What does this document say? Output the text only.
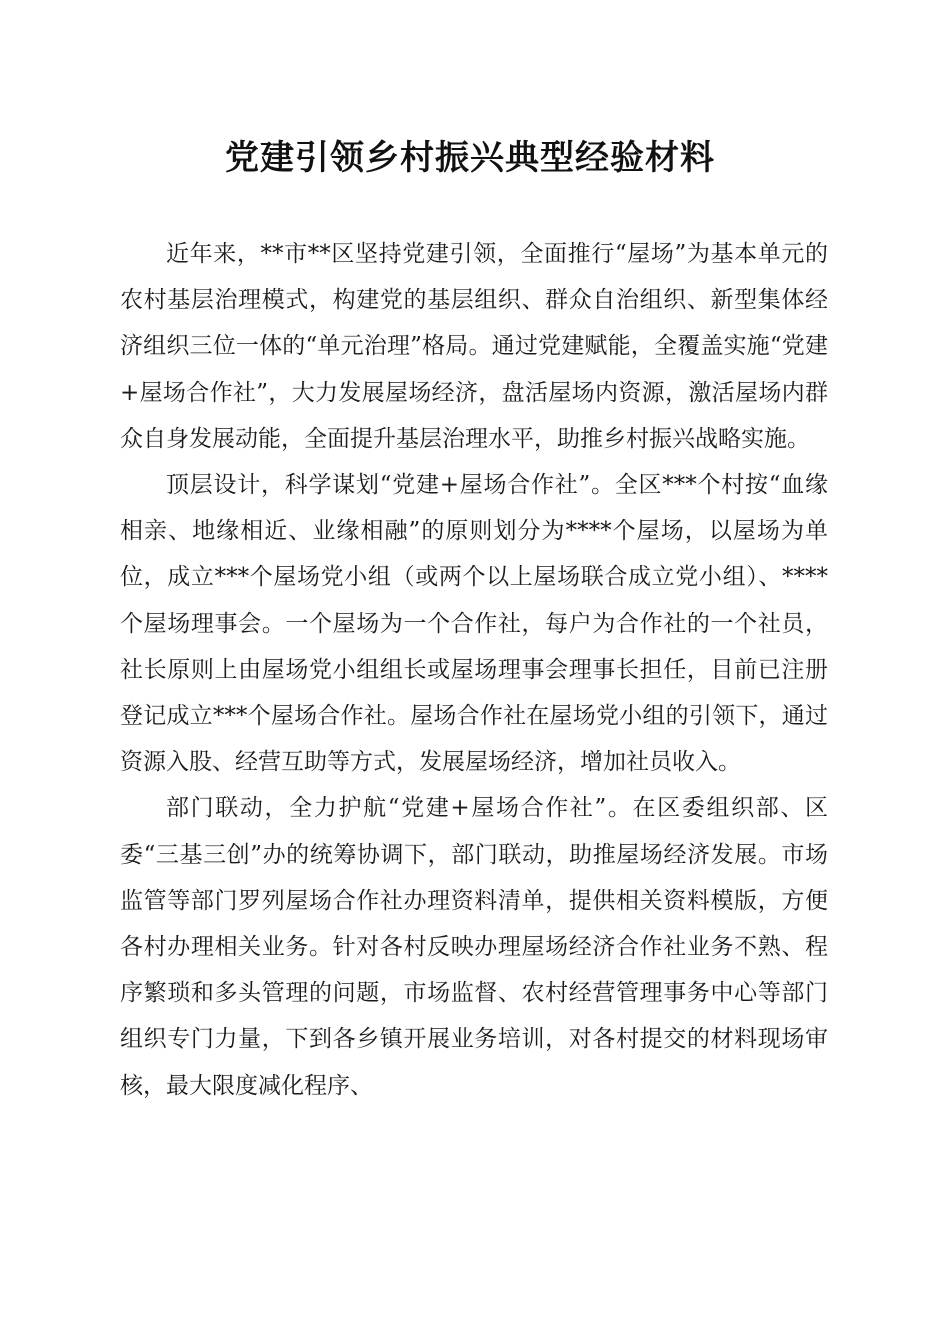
党建引领乡村振兴典型经验材料

近年来，**市**区坚持党建引领，全面推行“屋场”为基本单元的农村基层治理模式，构建党的基层组织、群众自治组织、新型集体经济组织三位一体的“单元治理”格局。通过党建赋能，全覆盖实施“党建+屋场合作社”，大力发展屋场经济，盘活屋场内资源，激活屋场内群众自身发展动能，全面提升基层治理水平，助推乡村振兴战略实施。

顶层设计，科学谋划“党建+屋场合作社”。全区***个村按“血缘相亲、地缘相近、业缘相融”的原则划分为****个屋场，以屋场为单位，成立***个屋场党小组（或两个以上屋场联合成立党小组）、****个屋场理事会。一个屋场为一个合作社，每户为合作社的一个社员，社长原则上由屋场党小组组长或屋场理事会理事长担任，目前已注册登记成立***个屋场合作社。屋场合作社在屋场党小组的引领下，通过资源入股、经营互助等方式，发展屋场经济，增加社员收入。

部门联动，全力护航“党建+屋场合作社”。在区委组织部、区委“三基三创”办的统筹协调下，部门联动，助推屋场经济发展。市场监管等部门罗列屋场合作社办理资料清单，提供相关资料模版，方便各村办理相关业务。针对各村反映办理屋场经济合作社业务不熟、程序繁琐和多头管理的问题，市场监督、农村经营管理事务中心等部门组织专门力量，下到各乡镇开展业务培训，对各村提交的材料现场审核，最大限度减化程序、
